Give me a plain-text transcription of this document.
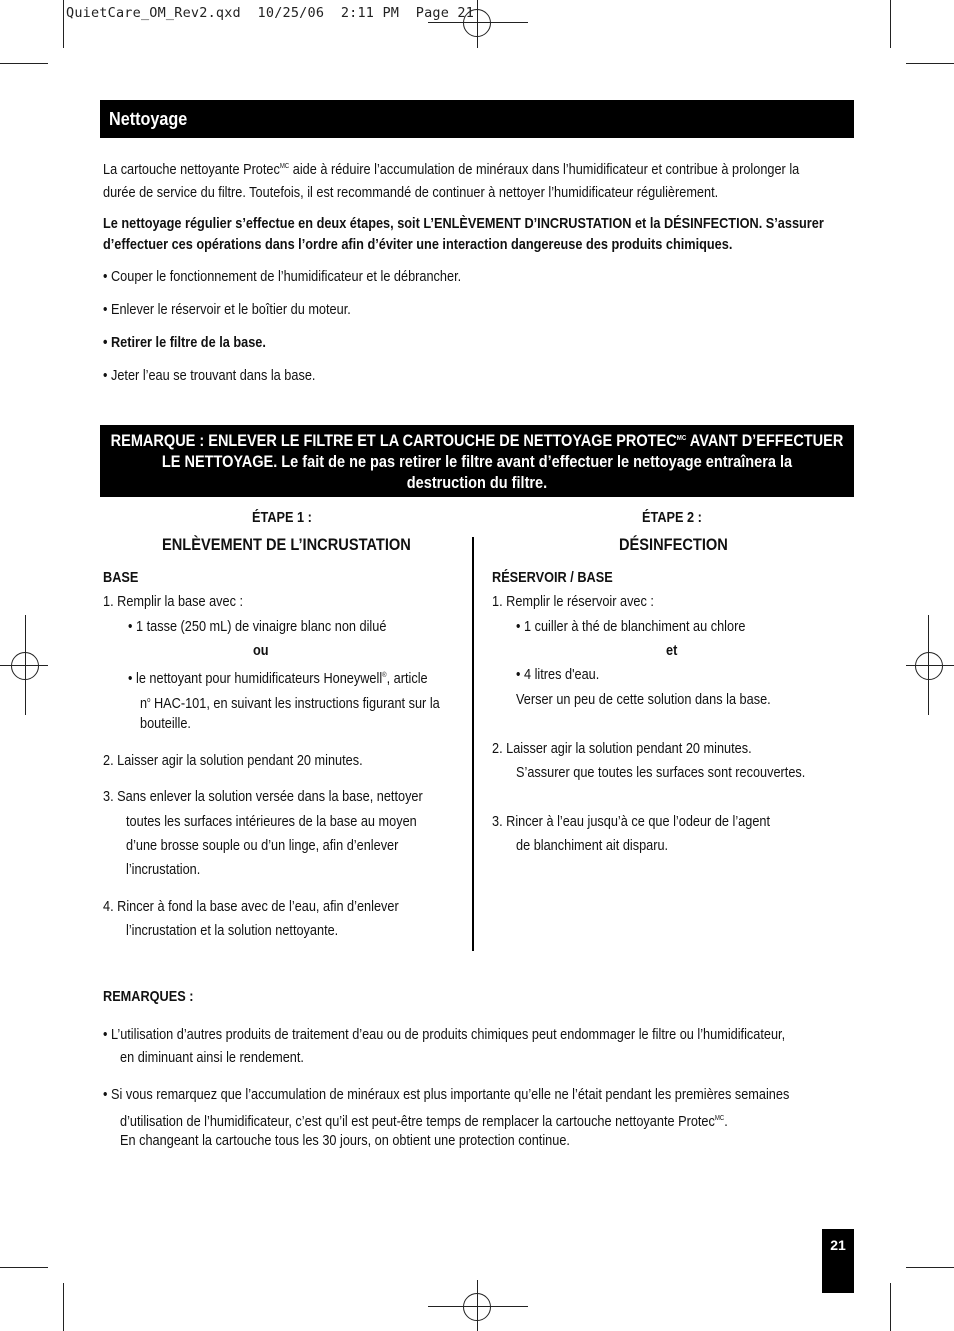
QuietCare_OM_Rev2.qxd  10/25/06  2:11 PM  Page 21
Nettoyage
La cartouche nettoyante Protec$^{MC}$ aide à réduire l’accumulation de minéraux dans l’humidificateur et contribue à prolonger la
durée de service du filtre. Toutefois, il est recommandé de continuer à nettoyer l’humidificateur régulièrement.
Le nettoyage régulier s’effectue en deux étapes, soit L’ENLÈVEMENT D’INCRUSTATION et la DÉSINFECTION. S’assurer
d’effectuer ces opérations dans l’ordre afin d’éviter une interaction dangereuse des produits chimiques.
• Couper le fonctionnement de l’humidificateur et le débrancher.
• Enlever le réservoir et le boîtier du moteur.
• Retirer le filtre de la base.
• Jeter l’eau se trouvant dans la base.
REMARQUE : ENLEVER LE FILTRE ET LA CARTOUCHE DE NETTOYAGE $PROTEC^{MC}$ AVANT D’EFFECTUER
LE NETTOYAGE. Le fait de ne pas retirer le filtre avant d’effectuer le nettoyage entraînera la
destruction du filtre.
ÉTAPE 1 :
ENLÈVEMENT DE L’INCRUSTATION
BASE
1. Remplir la base avec :
• 1 tasse (250 mL) de vinaigre blanc non dilué
ou
• le nettoyant pour humidificateurs Honeywell®, article
$n^o$ HAC-101, en suivant les instructions figurant sur la
bouteille.
2. Laisser agir la solution pendant 20 minutes.
3. Sans enlever la solution versée dans la base, nettoyer
toutes les surfaces intérieures de la base au moyen
d’une brosse souple ou d’un linge, afin d’enlever
l’incrustation.
4. Rincer à fond la base avec de l’eau, afin d’enlever
l’incrustation et la solution nettoyante.
ÉTAPE 2 :
DÉSINFECTION
RÉSERVOIR / BASE
1. Remplir le réservoir avec :
• 1 cuiller à thé de blanchiment au chlore
et
• 4 litres d'eau.
Verser un peu de cette solution dans la base.
2. Laisser agir la solution pendant 20 minutes.
S’assurer que toutes les surfaces sont recouvertes.
3. Rincer à l’eau jusqu’à ce que l’odeur de l’agent
de blanchiment ait disparu.
REMARQUES :
• L’utilisation d’autres produits de traitement d’eau ou de produits chimiques peut endommager le filtre ou l’humidificateur,
en diminuant ainsi le rendement.
• Si vous remarquez que l’accumulation de minéraux est plus importante qu’elle ne l’était pendant les premières semaines
d’utilisation de l’humidificateur, c’est qu’il est peut-être temps de remplacer la cartouche nettoyante Protec$^{MC}$.
En changeant la cartouche tous les 30 jours, on obtient une protection continue.
21
